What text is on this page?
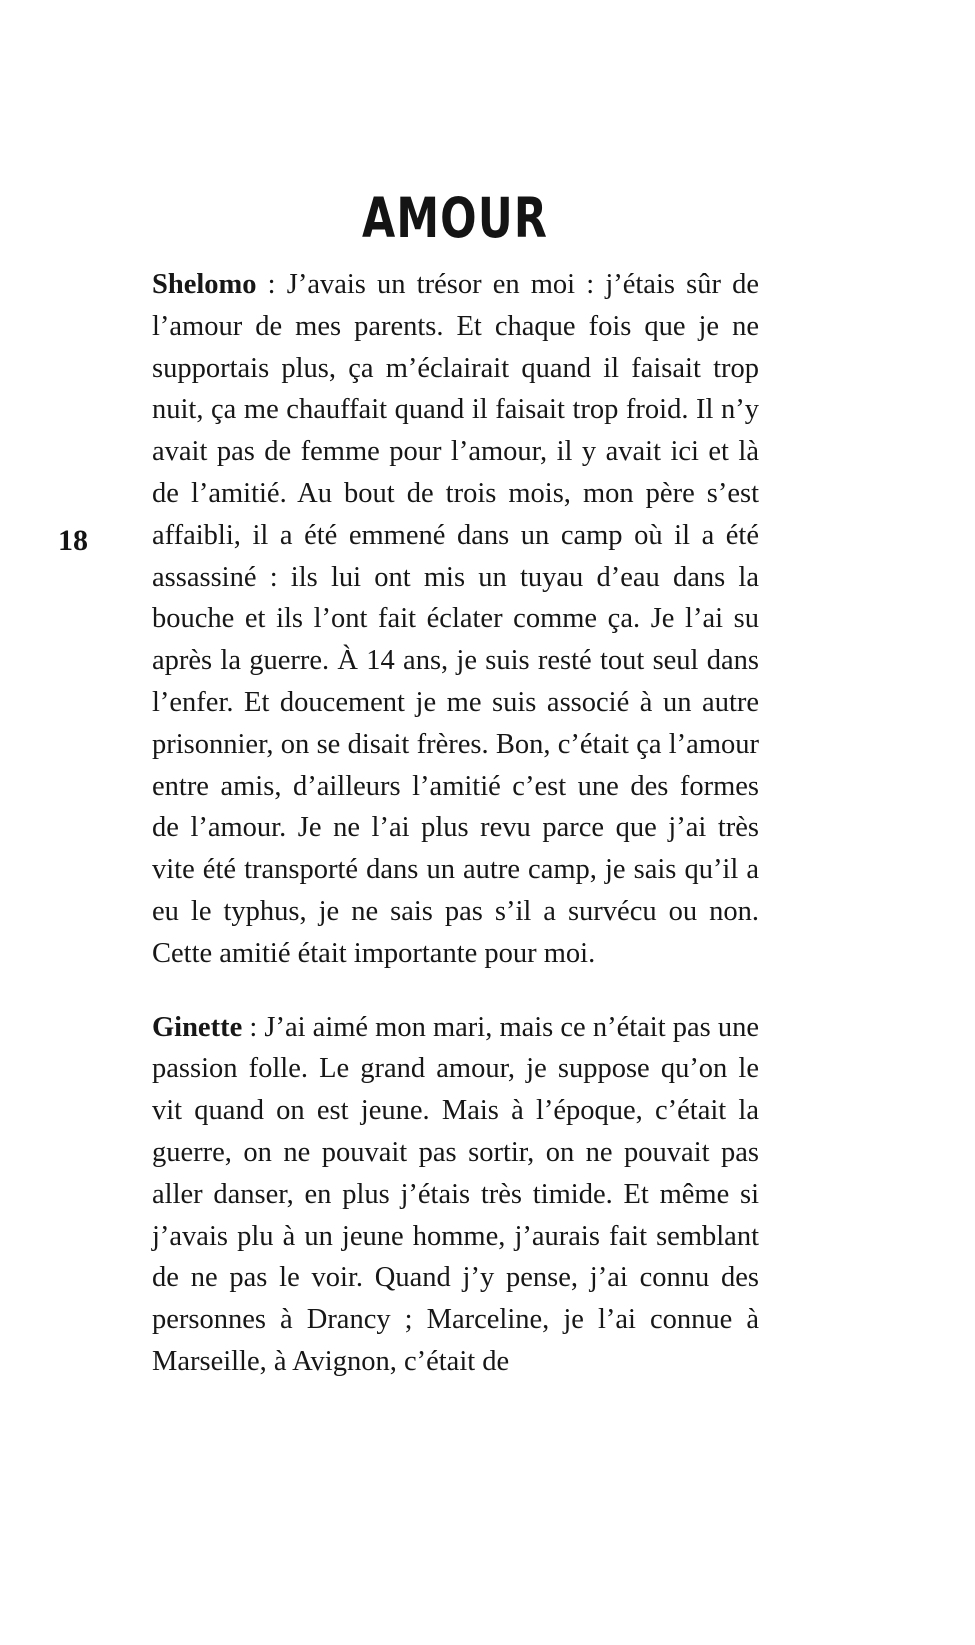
AMOUR
18

Shelomo : J’avais un trésor en moi : j’étais sûr de l’amour de mes parents. Et chaque fois que je ne supportais plus, ça m’éclairait quand il faisait trop nuit, ça me chauffait quand il faisait trop froid. Il n’y avait pas de femme pour l’amour, il y avait ici et là de l’amitié. Au bout de trois mois, mon père s’est affaibli, il a été emmené dans un camp où il a été assassiné : ils lui ont mis un tuyau d’eau dans la bouche et ils l’ont fait éclater comme ça. Je l’ai su après la guerre. À 14 ans, je suis resté tout seul dans l’enfer. Et doucement je me suis associé à un autre prisonnier, on se disait frères. Bon, c’était ça l’amour entre amis, d’ailleurs l’amitié c’est une des formes de l’amour. Je ne l’ai plus revu parce que j’ai très vite été transporté dans un autre camp, je sais qu’il a eu le typhus, je ne sais pas s’il a survécu ou non. Cette amitié était importante pour moi.

Ginette : J’ai aimé mon mari, mais ce n’était pas une passion folle. Le grand amour, je suppose qu’on le vit quand on est jeune. Mais à l’époque, c’était la guerre, on ne pouvait pas sortir, on ne pouvait pas aller danser, en plus j’étais très timide. Et même si j’avais plu à un jeune homme, j’aurais fait semblant de ne pas le voir. Quand j’y pense, j’ai connu des personnes à Drancy ; Marceline, je l’ai connue à Marseille, à Avignon, c’était de
